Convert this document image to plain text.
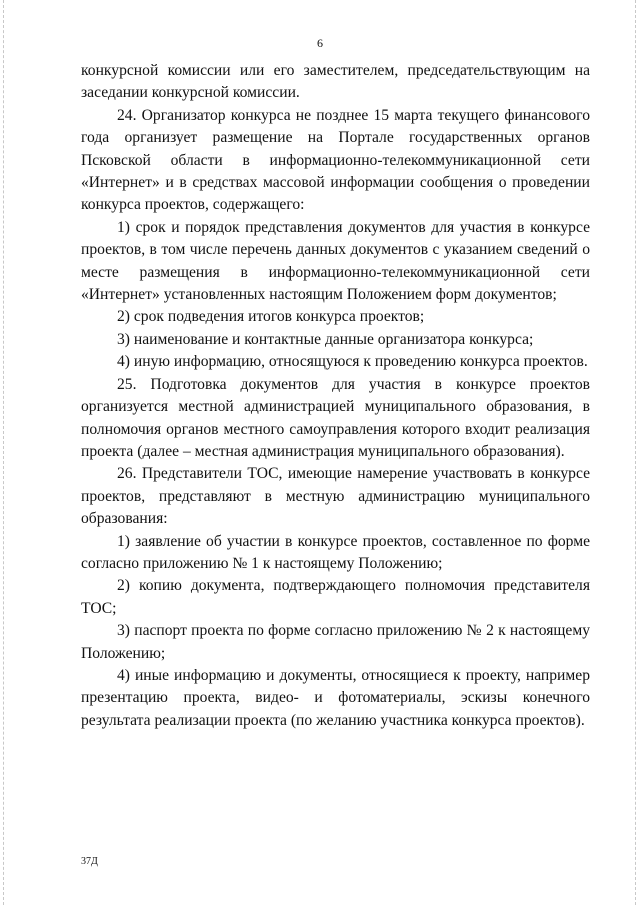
6

конкурсной комиссии или его заместителем, председательствующим на заседании конкурсной комиссии.

24. Организатор конкурса не позднее 15 марта текущего финансового года организует размещение на Портале государственных органов Псковской области в информационно-телекоммуникационной сети «Интернет» и в средствах массовой информации сообщения о проведении конкурса проектов, содержащего:

1) срок и порядок представления документов для участия в конкурсе проектов, в том числе перечень данных документов с указанием сведений о месте размещения в информационно-телекоммуникационной сети «Интернет» установленных настоящим Положением форм документов;

2) срок подведения итогов конкурса проектов;

3) наименование и контактные данные организатора конкурса;

4) иную информацию, относящуюся к проведению конкурса проектов.

25. Подготовка документов для участия в конкурсе проектов организуется местной администрацией муниципального образования, в полномочия органов местного самоуправления которого входит реализация проекта (далее – местная администрация муниципального образования).

26. Представители ТОС, имеющие намерение участвовать в конкурсе проектов, представляют в местную администрацию муниципального образования:

1) заявление об участии в конкурсе проектов, составленное по форме согласно приложению № 1 к настоящему Положению;

2) копию документа, подтверждающего полномочия представителя ТОС;

3) паспорт проекта по форме согласно приложению № 2 к настоящему Положению;

4) иные информацию и документы, относящиеся к проекту, например презентацию проекта, видео- и фотоматериалы, эскизы конечного результата реализации проекта (по желанию участника конкурса проектов).

37Д
